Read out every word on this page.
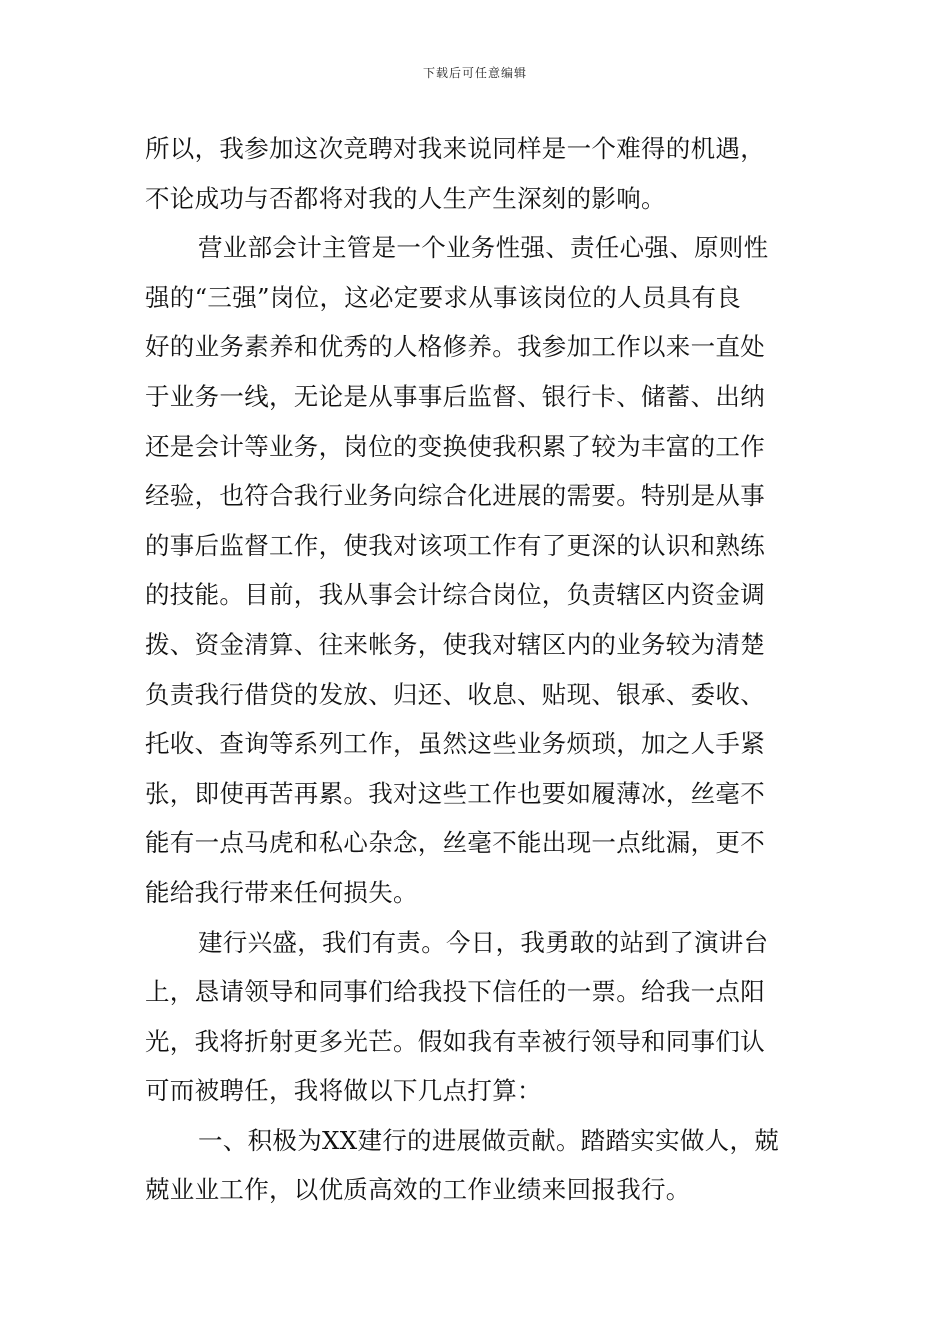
下载后可任意编辑
所以，我参加这次竞聘对我来说同样是一个难得的机遇，
不论成功与否都将对我的人生产生深刻的影响。
营业部会计主管是一个业务性强、责任心强、原则性
强的“三强”岗位，这必定要求从事该岗位的人员具有良
好的业务素养和优秀的人格修养。我参加工作以来一直处
于业务一线，无论是从事事后监督、银行卡、储蓄、出纳
还是会计等业务，岗位的变换使我积累了较为丰富的工作
经验，也符合我行业务向综合化进展的需要。特别是从事
的事后监督工作，使我对该项工作有了更深的认识和熟练
的技能。目前，我从事会计综合岗位，负责辖区内资金调
拨、资金清算、往来帐务，使我对辖区内的业务较为清楚
负责我行借贷的发放、归还、收息、贴现、银承、委收、
托收、查询等系列工作，虽然这些业务烦琐，加之人手紧
张，即使再苦再累。我对这些工作也要如履薄冰，丝毫不
能有一点马虎和私心杂念，丝毫不能出现一点纰漏，更不
能给我行带来任何损失。
建行兴盛，我们有责。今日，我勇敢的站到了演讲台
上，恳请领导和同事们给我投下信任的一票。给我一点阳
光，我将折射更多光芒。假如我有幸被行领导和同事们认
可而被聘任，我将做以下几点打算：
一、积极为XX建行的进展做贡献。踏踏实实做人，兢
兢业业工作，以优质高效的工作业绩来回报我行。
